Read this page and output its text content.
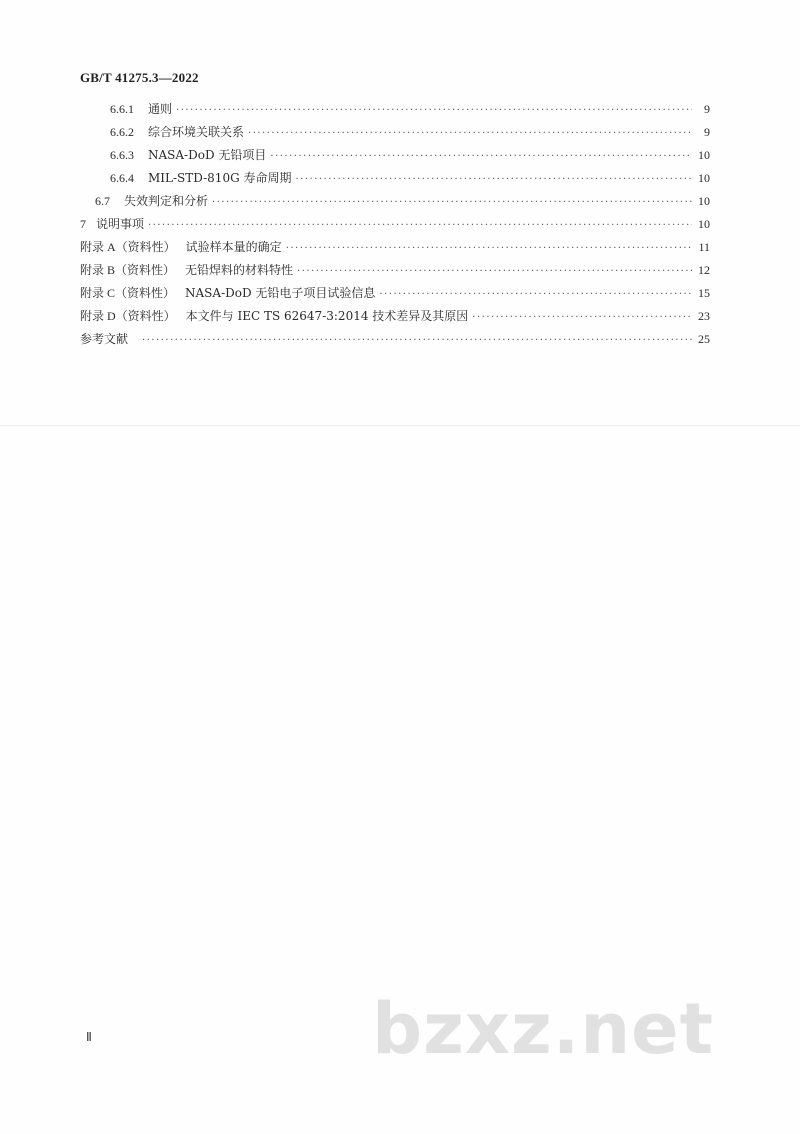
GB/T 41275.3—2022
6.6.1	通则 ·····	9
6.6.2	综合环境关联关系 ·····	9
6.6.3	NASA-DoD 无铅项目 ·····	10
6.6.4	MIL-STD-810G 寿命周期 ·····	10
6.7	失效判定和分析 ·····	10
7 说明事项 ·····	10
附录 A（资料性） 试验样本量的确定 ·····	11
附录 B（资料性） 无铅焊料的材料特性 ·····	12
附录 C（资料性） NASA-DoD 无铅电子项目试验信息 ·····	15
附录 D（资料性） 本文件与 IEC TS 62647-3:2014 技术差异及其原因 ·····	23
参考文献 ·····	25
bzxz.net
Ⅱ
